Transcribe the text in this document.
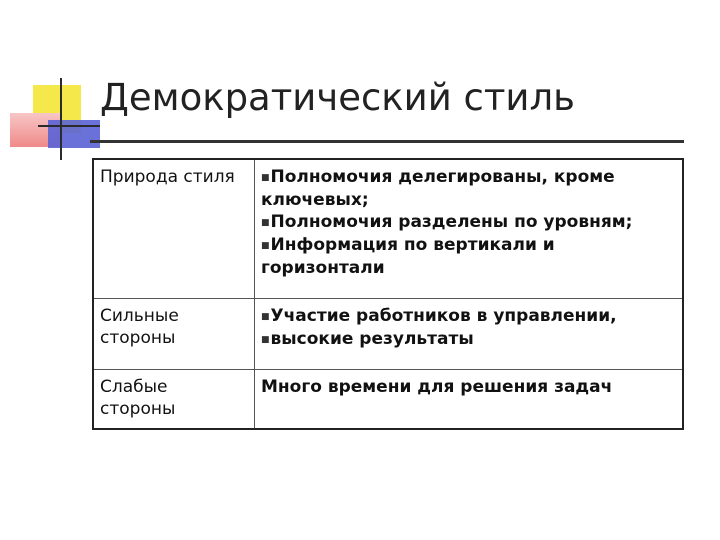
Демократический стиль
Природа стиля	■Полномочия делегированы, кроме ключевых;
■Полномочия разделены по уровням;
■Информация по вертикали и горизонтали

Сильные стороны	■Участие работников в управлении,
■высокие результаты

Слабые стороны	Много времени для решения задач
